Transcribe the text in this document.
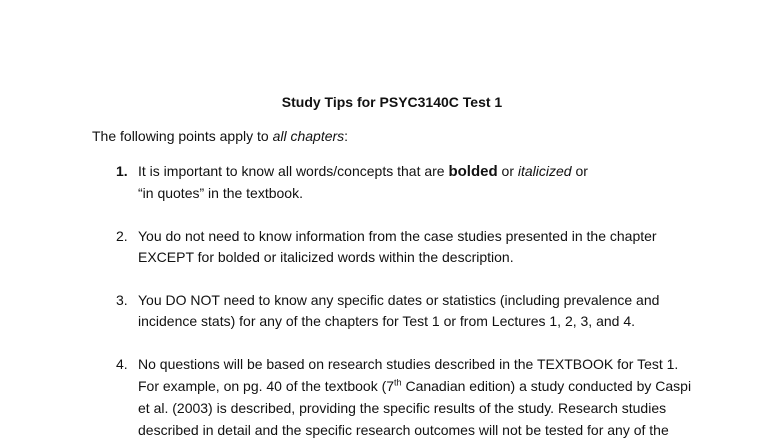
Study Tips for PSYC3140C Test 1
The following points apply to all chapters:
1. It is important to know all words/concepts that are bolded or italicized or
“in quotes” in the textbook.
2. You do not need to know information from the case studies presented in the chapter
EXCEPT for bolded or italicized words within the description.
3. You DO NOT need to know any specific dates or statistics (including prevalence and
incidence stats) for any of the chapters for Test 1 or from Lectures 1, 2, 3, and 4.
4. No questions will be based on research studies described in the TEXTBOOK for Test 1.
For example, on pg. 40 of the textbook (7th Canadian edition) a study conducted by Caspi
et al. (2003) is described, providing the specific results of the study. Research studies
described in detail and the specific research outcomes will not be tested for any of the
